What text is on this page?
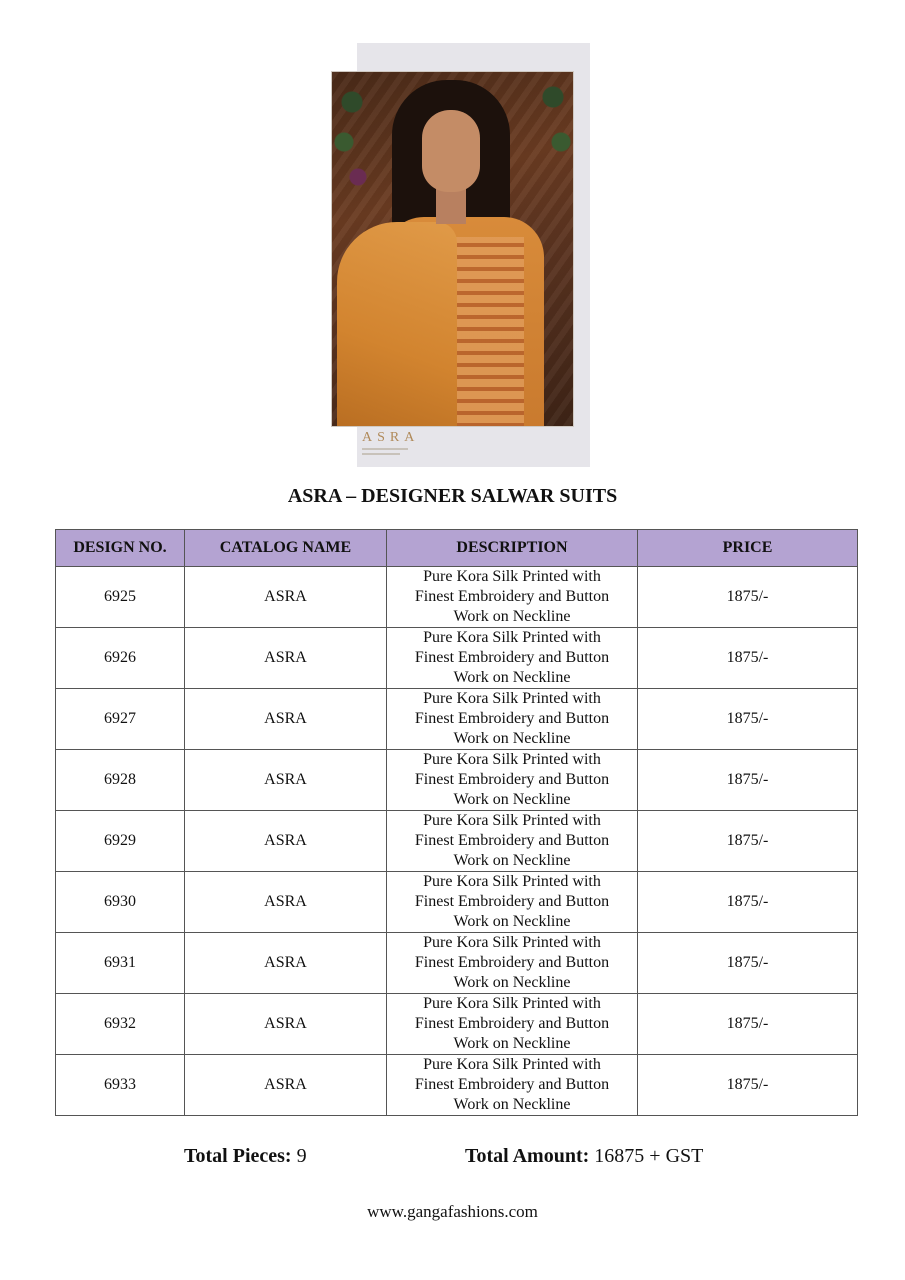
ASRA
ASRA – DESIGNER SALWAR SUITS
DESIGN NO.	CATALOG NAME	DESCRIPTION	PRICE
6925	ASRA	Pure Kora Silk Printed with
Finest Embroidery and Button
Work on Neckline	1875/-
6926	ASRA	Pure Kora Silk Printed with
Finest Embroidery and Button
Work on Neckline	1875/-
6927	ASRA	Pure Kora Silk Printed with
Finest Embroidery and Button
Work on Neckline	1875/-
6928	ASRA	Pure Kora Silk Printed with
Finest Embroidery and Button
Work on Neckline	1875/-
6929	ASRA	Pure Kora Silk Printed with
Finest Embroidery and Button
Work on Neckline	1875/-
6930	ASRA	Pure Kora Silk Printed with
Finest Embroidery and Button
Work on Neckline	1875/-
6931	ASRA	Pure Kora Silk Printed with
Finest Embroidery and Button
Work on Neckline	1875/-
6932	ASRA	Pure Kora Silk Printed with
Finest Embroidery and Button
Work on Neckline	1875/-
6933	ASRA	Pure Kora Silk Printed with
Finest Embroidery and Button
Work on Neckline	1875/-
Total Pieces: 9	Total Amount: 16875 + GST
www.gangafashions.com
